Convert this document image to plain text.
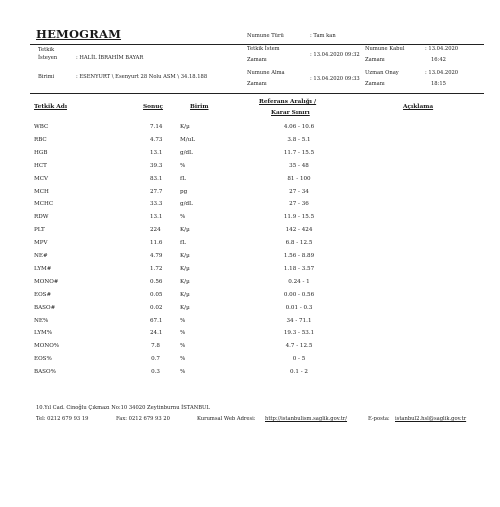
HEMOGRAM
Tetkik
İsteyen	: HALİL İBRAHİM BAYAR
Birimi	: ESENYURT \ Esenyurt 28 Nolu ASM \ 34.18.188
Numune Türü	: Tam kan
Tetkik İstem
Zamanı
: 13.04.2020 09:32
Numune Alma
Zamanı
: 13.04.2020 09:33
Numune Kabul
Zamanı
: 13.04.2020
16:42
Uzman Onay
Zamanı
: 13.04.2020
18:15
Tetkik Adı	Sonuç	Birim
Referans Aralığı /
Karar Sınırı
Açıklama
WBC	7.14	K/µ	4.06 - 10.6
RBC	4.73	M/uL	3.8 - 5.1
HGB	13.1	g/dL	11.7 - 15.5
HCT	39.3	%	35 - 48
MCV	83.1	fL	81 - 100
MCH	27.7	pg	27 - 34
MCHC	33.3	g/dL	27 - 36
RDW	13.1	%	11.9 - 15.5
PLT	224	K/µ	142 - 424
MPV	11.6	fL	6.8 - 12.5
NE#	4.79	K/µ	1.56 - 8.89
LYM#	1.72	K/µ	1.18 - 3.57
MONO#	0.56	K/µ	0.24 - 1
EOS#	0.05	K/µ	0.00 - 0.56
BASO#	0.02	K/µ	0.01 - 0.3
NE%	67.1	%	34 - 71.1
LYM%	24.1	%	19.3 - 53.1
MONO%	7.8	%	4.7 - 12.5
EOS%	0.7	%	0 - 5
BASO%	0.3	%	0.1 - 2
10.Yıl Cad. Cinoğlu Çıkmazı No:10 34020 Zeytinburnu İSTANBUL
Tel: 0212 679 93 19	Fax: 0212 679 93 20	Kurumsal Web Adresi: http://istanbulism.saglik.gov.tr/	E-posta: istanbul2.hsl@saglik.gov.tr
